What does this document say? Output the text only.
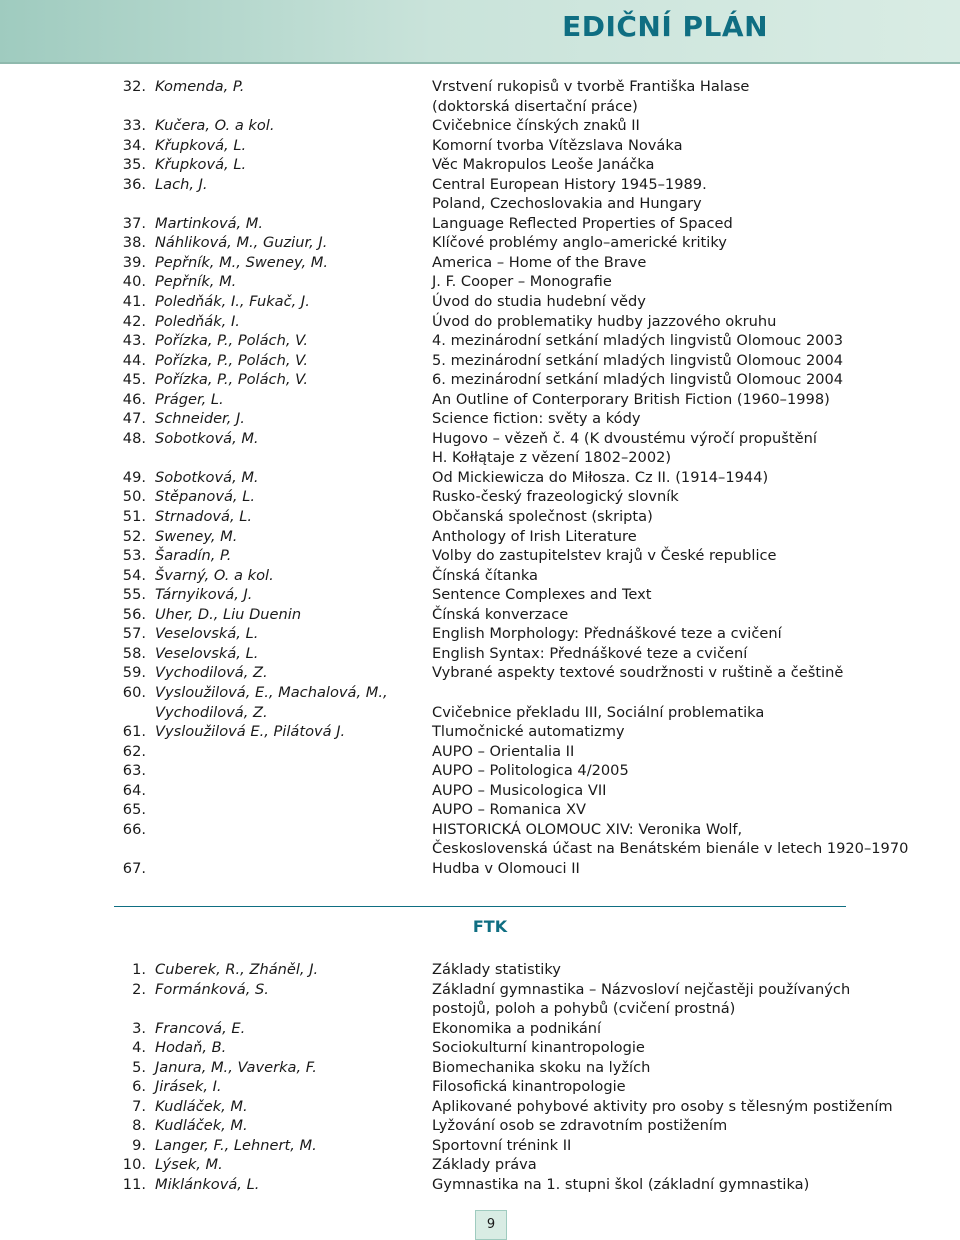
EDIČNÍ PLÁN
32. Komenda, P.	Vrstvení rukopisů v tvorbě Františka Halase
(doktorská disertační práce)
33. Kučera, O. a kol.	Cvičebnice čínských znaků II
34. Křupková, L.	Komorní tvorba Vítězslava Nováka
35. Křupková, L.	Věc Makropulos Leoše Janáčka
36. Lach, J.	Central European History 1945–1989.
Poland, Czechoslovakia and Hungary
37. Martinková, M.	Language Reflected Properties of Spaced
38. Náhliková, M., Guziur, J.	Klíčové problémy anglo–americké kritiky
39. Pepřník, M., Sweney, M.	America – Home of the Brave
40. Pepřník, M.	J. F. Cooper – Monografie
41. Poledňák, I., Fukač, J.	Úvod do studia hudební vědy
42. Poledňák, I.	Úvod do problematiky hudby jazzového okruhu
43. Pořízka, P., Polách, V.	4. mezinárodní setkání mladých lingvistů Olomouc 2003
44. Pořízka, P., Polách, V.	5. mezinárodní setkání mladých lingvistů Olomouc 2004
45. Pořízka, P., Polách, V.	6. mezinárodní setkání mladých lingvistů Olomouc 2004
46. Práger, L.	An Outline of Conterporary British Fiction (1960–1998)
47. Schneider, J.	Science fiction: světy a kódy
48. Sobotková, M.	Hugovo – vězeň č. 4 (K dvoustému výročí propuštění
H. Kołłątaje z vězení 1802–2002)
49. Sobotková, M.	Od Mickiewicza do Miłosza. Cz II. (1914–1944)
50. Stěpanová, L.	Rusko-český frazeologický slovník
51. Strnadová, L.	Občanská společnost (skripta)
52. Sweney, M.	Anthology of Irish Literature
53. Šaradín, P.	Volby do zastupitelstev krajů v České republice
54. Švarný, O. a kol.	Čínská čítanka
55. Tárnyiková, J.	Sentence Complexes and Text
56. Uher, D., Liu Duenin	Čínská konverzace
57. Veselovská, L.	English Morphology: Přednáškové teze a cvičení
58. Veselovská, L.	English Syntax: Přednáškové teze a cvičení
59. Vychodilová, Z.	Vybrané aspekty textové soudržnosti v ruštině a češtině
60. Vysloužilová, E., Machalová, M.,
Vychodilová, Z.	Cvičebnice překladu III, Sociální problematika
61. Vysloužilová E., Pilátová J.	Tlumočnické automatizmy
62.	AUPO – Orientalia II
63.	AUPO – Politologica 4/2005
64.	AUPO – Musicologica VII
65.	AUPO – Romanica XV
66.	HISTORICKÁ OLOMOUC XIV: Veronika Wolf,
Československá účast na Benátském bienále v letech 1920–1970
67.	Hudba v Olomouci II
FTK
1. Cuberek, R., Zháněl, J.	Základy statistiky
2. Formánková, S.	Základní gymnastika – Názvosloví nejčastěji používaných
postojů, poloh a pohybů (cvičení prostná)
3. Francová, E.	Ekonomika a podnikání
4. Hodaň, B.	Sociokulturní kinantropologie
5. Janura, M., Vaverka, F.	Biomechanika skoku na lyžích
6. Jirásek, I.	Filosofická kinantropologie
7. Kudláček, M.	Aplikované pohybové aktivity pro osoby s tělesným postižením
8. Kudláček, M.	Lyžování osob se zdravotním postižením
9. Langer, F., Lehnert, M.	Sportovní trénink II
10. Lýsek, M.	Základy práva
11. Miklánková, L.	Gymnastika na 1. stupni škol (základní gymnastika)
9
